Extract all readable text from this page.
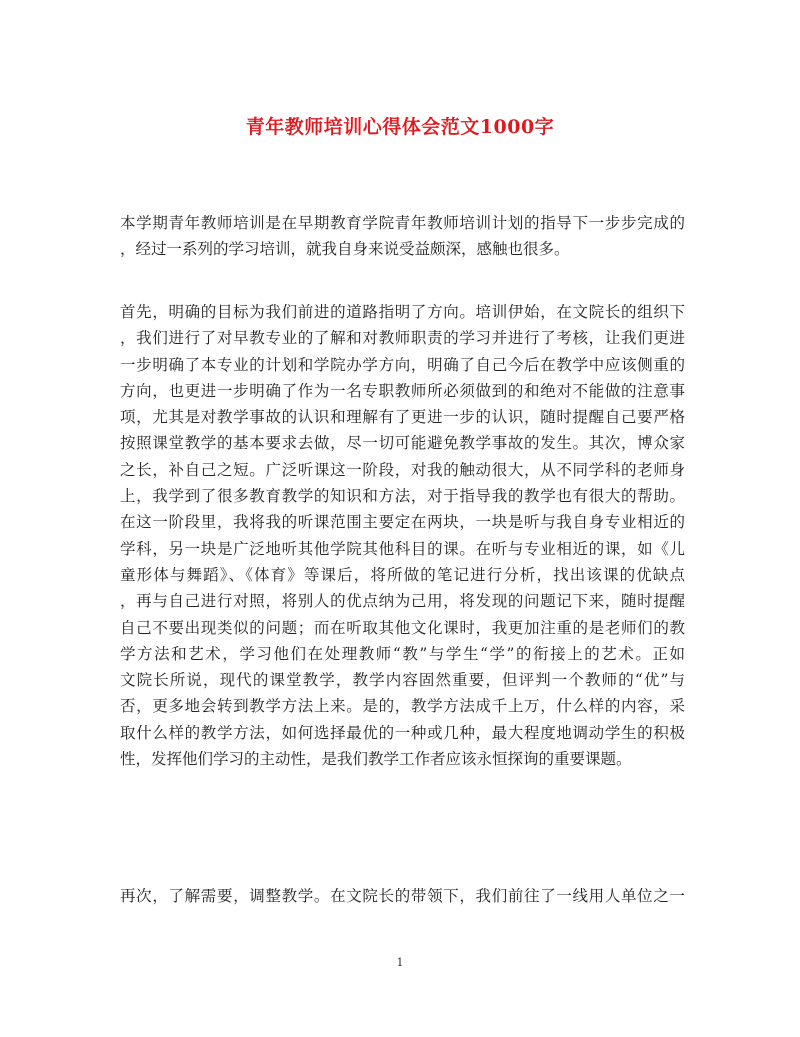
青年教师培训心得体会范文1000字
本学期青年教师培训是在早期教育学院青年教师培训计划的指导下一步步完成的
，经过一系列的学习培训，就我自身来说受益颇深，感触也很多。
首先，明确的目标为我们前进的道路指明了方向。培训伊始，在文院长的组织下
，我们进行了对早教专业的了解和对教师职责的学习并进行了考核，让我们更进
一步明确了本专业的计划和学院办学方向，明确了自己今后在教学中应该侧重的
方向，也更进一步明确了作为一名专职教师所必须做到的和绝对不能做的注意事
项，尤其是对教学事故的认识和理解有了更进一步的认识，随时提醒自己要严格
按照课堂教学的基本要求去做，尽一切可能避免教学事故的发生。其次，博众家
之长，补自己之短。广泛听课这一阶段，对我的触动很大，从不同学科的老师身
上，我学到了很多教育教学的知识和方法，对于指导我的教学也有很大的帮助。
在这一阶段里，我将我的听课范围主要定在两块，一块是听与我自身专业相近的
学科，另一块是广泛地听其他学院其他科目的课。在听与专业相近的课，如《儿
童形体与舞蹈》、《体育》等课后，将所做的笔记进行分析，找出该课的优缺点
，再与自己进行对照，将别人的优点纳为己用，将发现的问题记下来，随时提醒
自己不要出现类似的问题；而在听取其他文化课时，我更加注重的是老师们的教
学方法和艺术，学习他们在处理教师“教”与学生“学”的衔接上的艺术。正如
文院长所说，现代的课堂教学，教学内容固然重要，但评判一个教师的“优”与
否，更多地会转到教学方法上来。是的，教学方法成千上万，什么样的内容，采
取什么样的教学方法，如何选择最优的一种或几种，最大程度地调动学生的积极
性，发挥他们学习的主动性，是我们教学工作者应该永恒探询的重要课题。
再次，了解需要，调整教学。在文院长的带领下，我们前往了一线用人单位之一
1
